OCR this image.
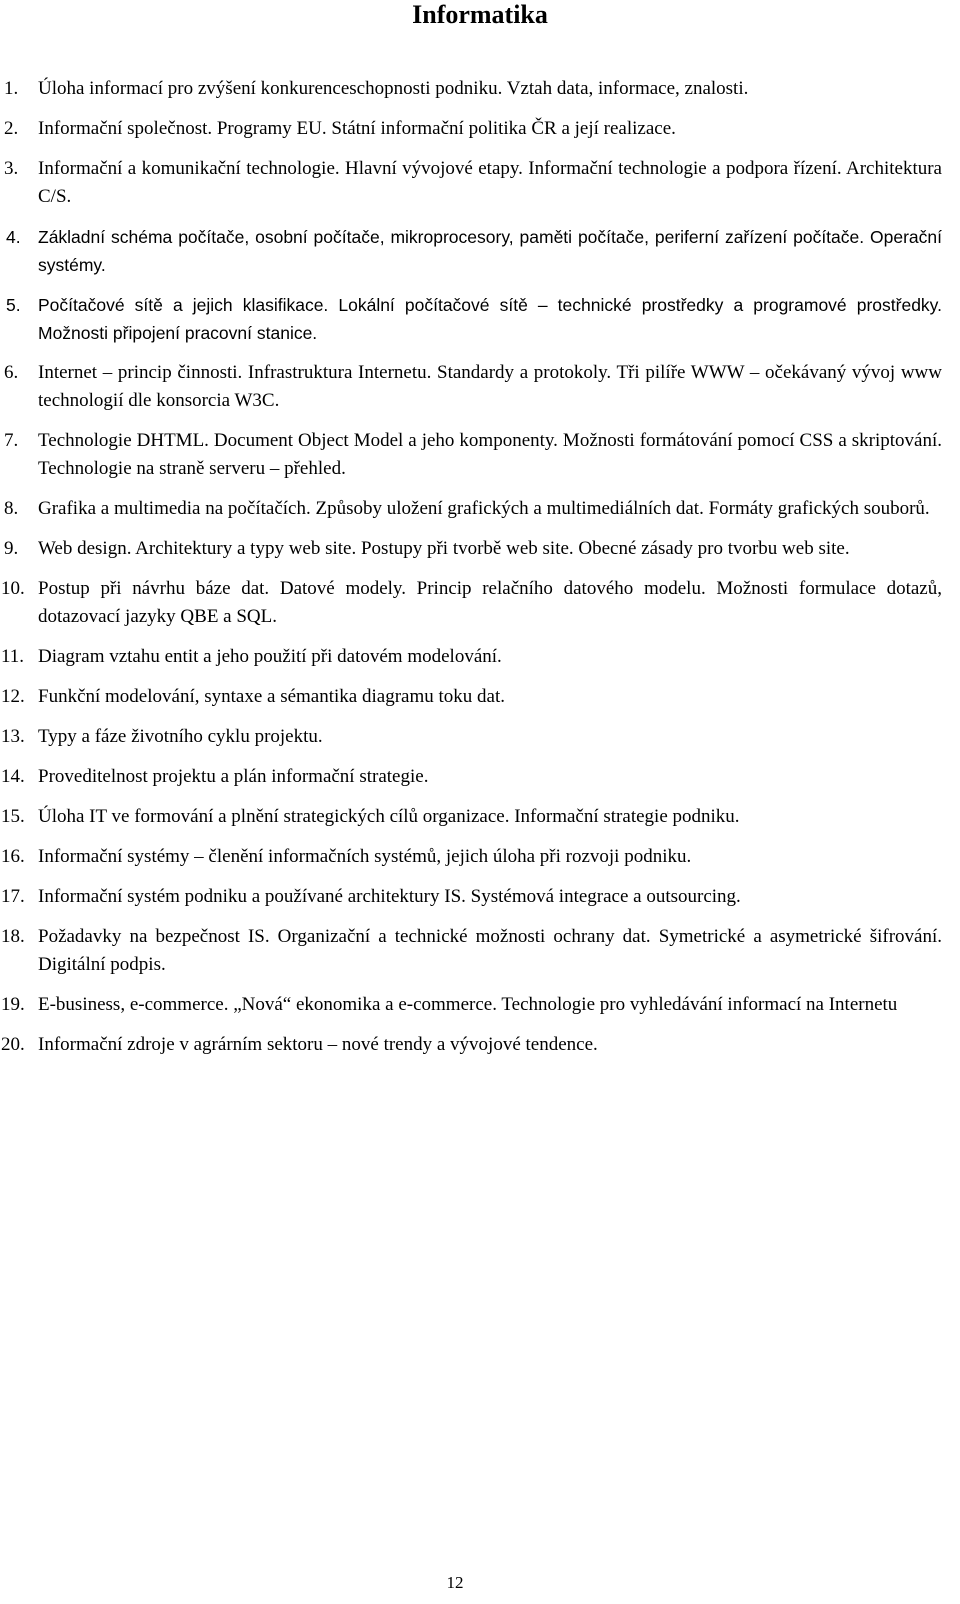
Informatika
1. Úloha informací pro zvýšení konkurenceschopnosti podniku. Vztah data, informace, znalosti.
2. Informační společnost. Programy EU. Státní informační politika ČR a její realizace.
3. Informační a komunikační technologie. Hlavní vývojové etapy. Informační technologie a podpora řízení. Architektura C/S.
4. Základní schéma počítače, osobní počítače, mikroprocesory, paměti počítače, periferní zařízení počítače. Operační systémy.
5. Počítačové sítě a jejich klasifikace. Lokální počítačové sítě – technické prostředky a programové prostředky. Možnosti připojení pracovní stanice.
6. Internet – princip činnosti. Infrastruktura Internetu. Standardy a protokoly. Tři pilíře WWW – očekávaný vývoj www technologií dle konsorcia W3C.
7. Technologie DHTML. Document Object Model a jeho komponenty. Možnosti formátování pomocí CSS a skriptování. Technologie na straně serveru – přehled.
8. Grafika a multimedia na počítačích. Způsoby uložení grafických a multimediálních dat. Formáty grafických souborů.
9. Web design. Architektury a typy web site. Postupy při tvorbě web site. Obecné zásady pro tvorbu web site.
10. Postup při návrhu báze dat. Datové modely. Princip relačního datového modelu. Možnosti formulace dotazů, dotazovací jazyky QBE a SQL.
11. Diagram vztahu entit a jeho použití při datovém modelování.
12. Funkční modelování, syntaxe a sémantika diagramu toku dat.
13. Typy a fáze životního cyklu projektu.
14. Proveditelnost projektu a plán informační strategie.
15. Úloha IT ve formování a plnění strategických cílů organizace. Informační strategie podniku.
16. Informační systémy – členění informačních systémů, jejich úloha při rozvoji podniku.
17. Informační systém podniku a používané architektury IS. Systémová integrace a outsourcing.
18. Požadavky na bezpečnost IS. Organizační a technické možnosti ochrany dat. Symetrické a asymetrické šifrování. Digitální podpis.
19. E-business, e-commerce. „Nová“ ekonomika a e-commerce. Technologie pro vyhledávání informací na Internetu
20. Informační zdroje v agrárním sektoru – nové trendy a vývojové tendence.
12
